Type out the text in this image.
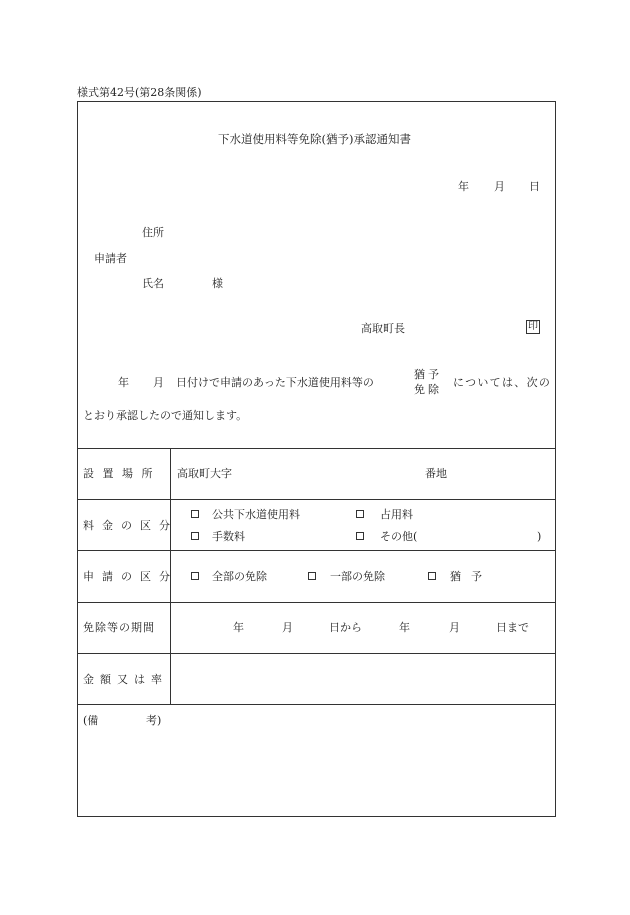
様式第42号(第28条関係)
下水道使用料等免除(猶予)承認通知書
年 月 日
住所
申請者
氏名	様
高取町長	印
年 月 日付けで申請のあった下水道使用料等の
猶予
免除
については、次の
とおり承認したので通知します。
設置場所 高取町大字	番地
料金の区分
公共下水道使用料	占用料
手数料	その他(	)
申請の区分	全部の免除	一部の免除	猶予
免除等の期間	年	月	日から	年	月	日まで
金額又は率
(備	考)
